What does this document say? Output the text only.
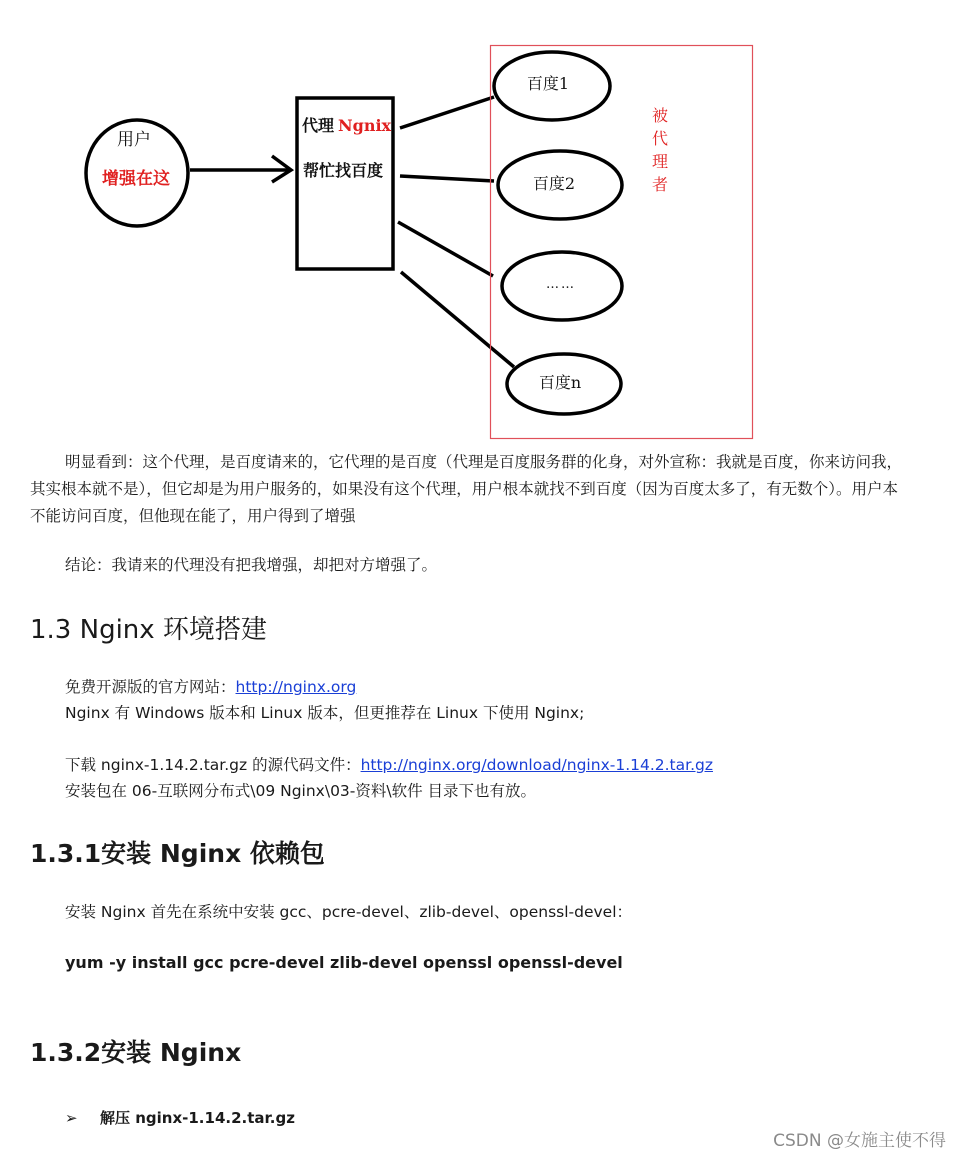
用户
增强在这
代理 Ngnix
帮忙找百度
百度1
百度2
……
百度n
被
代
理
者

明显看到：这个代理，是百度请来的，它代理的是百度（代理是百度服务群的化身，对外宣称：我就是百度，你来访问我，其实根本就不是），但它却是为用户服务的，如果没有这个代理，用户根本就找不到百度（因为百度太多了，有无数个）。用户本不能访问百度，但他现在能了，用户得到了增强

结论：我请来的代理没有把我增强，却把对方增强了。

1.3 Nginx 环境搭建
免费开源版的官方网站：http://nginx.org
Nginx 有 Windows 版本和 Linux 版本，但更推荐在 Linux 下使用 Nginx;
下载 nginx-1.14.2.tar.gz 的源代码文件：http://nginx.org/download/nginx-1.14.2.tar.gz
安装包在 06-互联网分布式\09 Nginx\03-资料\软件 目录下也有放。
1.3.1安装 Nginx 依赖包
安装 Nginx 首先在系统中安装 gcc、pcre-devel、zlib-devel、openssl-devel：
yum -y install gcc pcre-devel zlib-devel openssl openssl-devel
1.3.2安装 Nginx
➢ 解压 nginx-1.14.2.tar.gz
CSDN @女施主使不得
